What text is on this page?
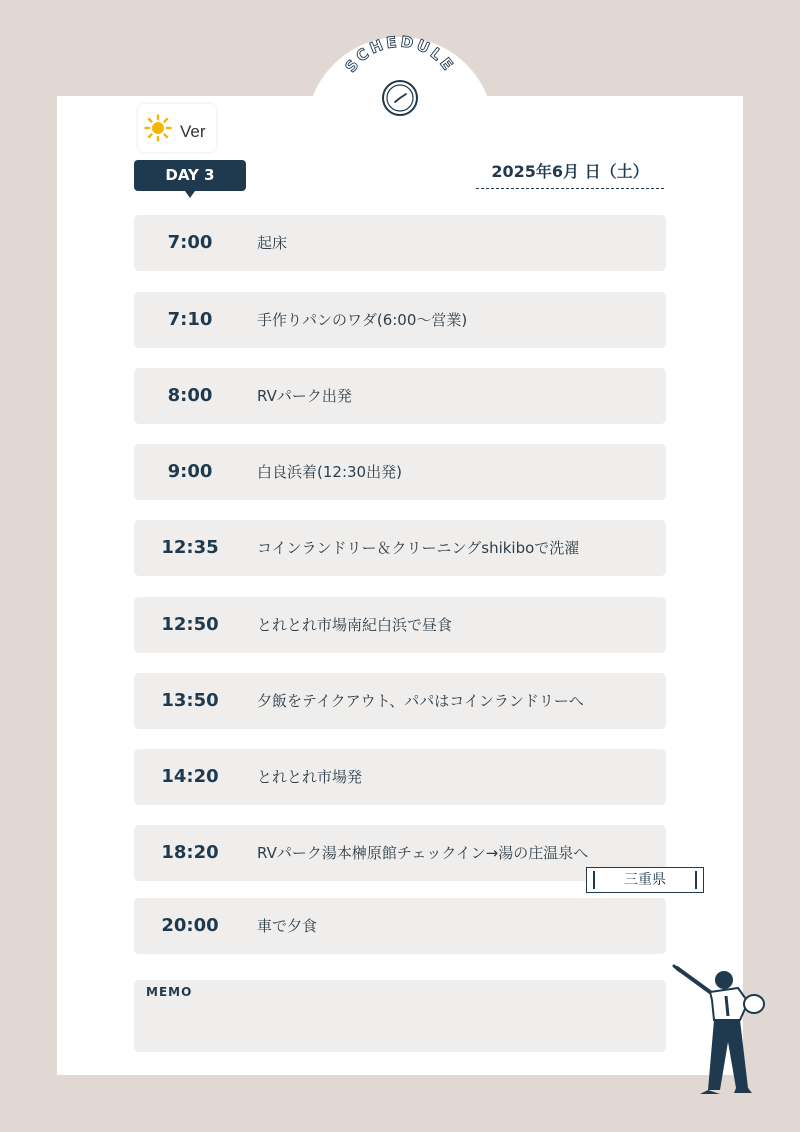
SCHEDULE
Ver
DAY 3	2025年6月 日（土）
7:00	起床
7:10	手作りパンのワダ(6:00～営業)
8:00	RVパーク出発
9:00	白良浜着(12:30出発)
12:35	コインランドリー＆クリーニングshikiboで洗濯
12:50	とれとれ市場南紀白浜で昼食
13:50	夕飯をテイクアウト、パパはコインランドリーへ
14:20	とれとれ市場発
18:20	RVパーク湯本榊原館チェックイン→湯の庄温泉へ
20:00	車で夕食
三重県
MEMO
